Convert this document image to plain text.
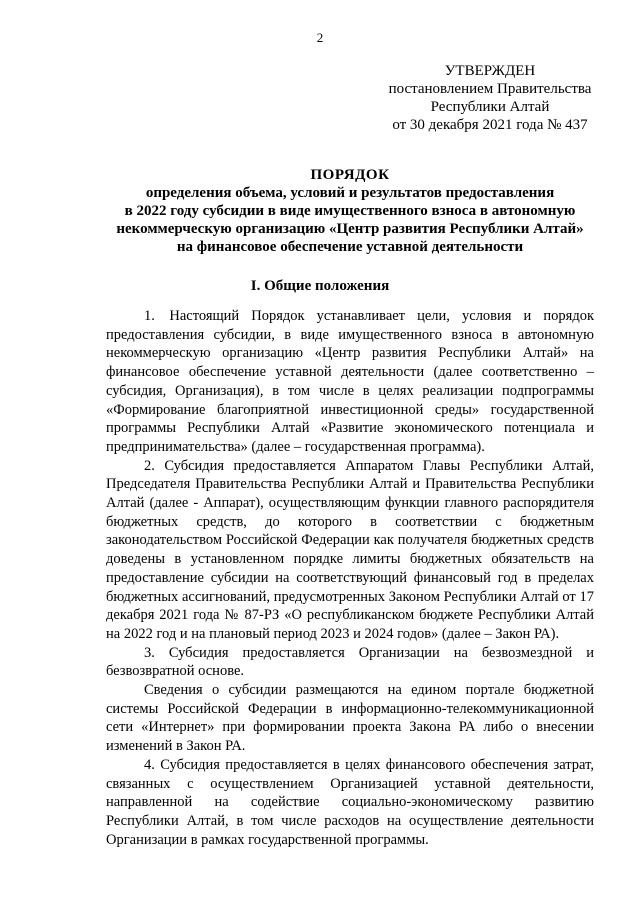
2
УТВЕРЖДЕН
постановлением Правительства
Республики Алтай
от 30 декабря 2021 года № 437
ПОРЯДОК
определения объема, условий и результатов предоставления
в 2022 году субсидии в виде имущественного взноса в автономную
некоммерческую организацию «Центр развития Республики Алтай»
на финансовое обеспечение уставной деятельности
I. Общие положения

1. Настоящий Порядок устанавливает цели, условия и порядок предоставления субсидии, в виде имущественного взноса в автономную некоммерческую организацию «Центр развития Республики Алтай» на финансовое обеспечение уставной деятельности (далее соответственно – субсидия, Организация), в том числе в целях реализации подпрограммы «Формирование благоприятной инвестиционной среды» государственной программы Республики Алтай «Развитие экономического потенциала и предпринимательства» (далее – государственная программа).

2. Субсидия предоставляется Аппаратом Главы Республики Алтай, Председателя Правительства Республики Алтай и Правительства Республики Алтай (далее - Аппарат), осуществляющим функции главного распорядителя бюджетных средств, до которого в соответствии с бюджетным законодательством Российской Федерации как получателя бюджетных средств доведены в установленном порядке лимиты бюджетных обязательств на предоставление субсидии на соответствующий финансовый год в пределах бюджетных ассигнований, предусмотренных Законом Республики Алтай от 17 декабря 2021 года № 87-РЗ «О республиканском бюджете Республики Алтай на 2022 год и на плановый период 2023 и 2024 годов» (далее – Закон РА).

3. Субсидия предоставляется Организации на безвозмездной и безвозвратной основе.

Сведения о субсидии размещаются на едином портале бюджетной системы Российской Федерации в информационно-телекоммуникационной сети «Интернет» при формировании проекта Закона РА либо о внесении изменений в Закон РА.

4. Субсидия предоставляется в целях финансового обеспечения затрат, связанных с осуществлением Организацией уставной деятельности, направленной на содействие социально-экономическому развитию Республики Алтай, в том числе расходов на осуществление деятельности Организации в рамках государственной программы.
